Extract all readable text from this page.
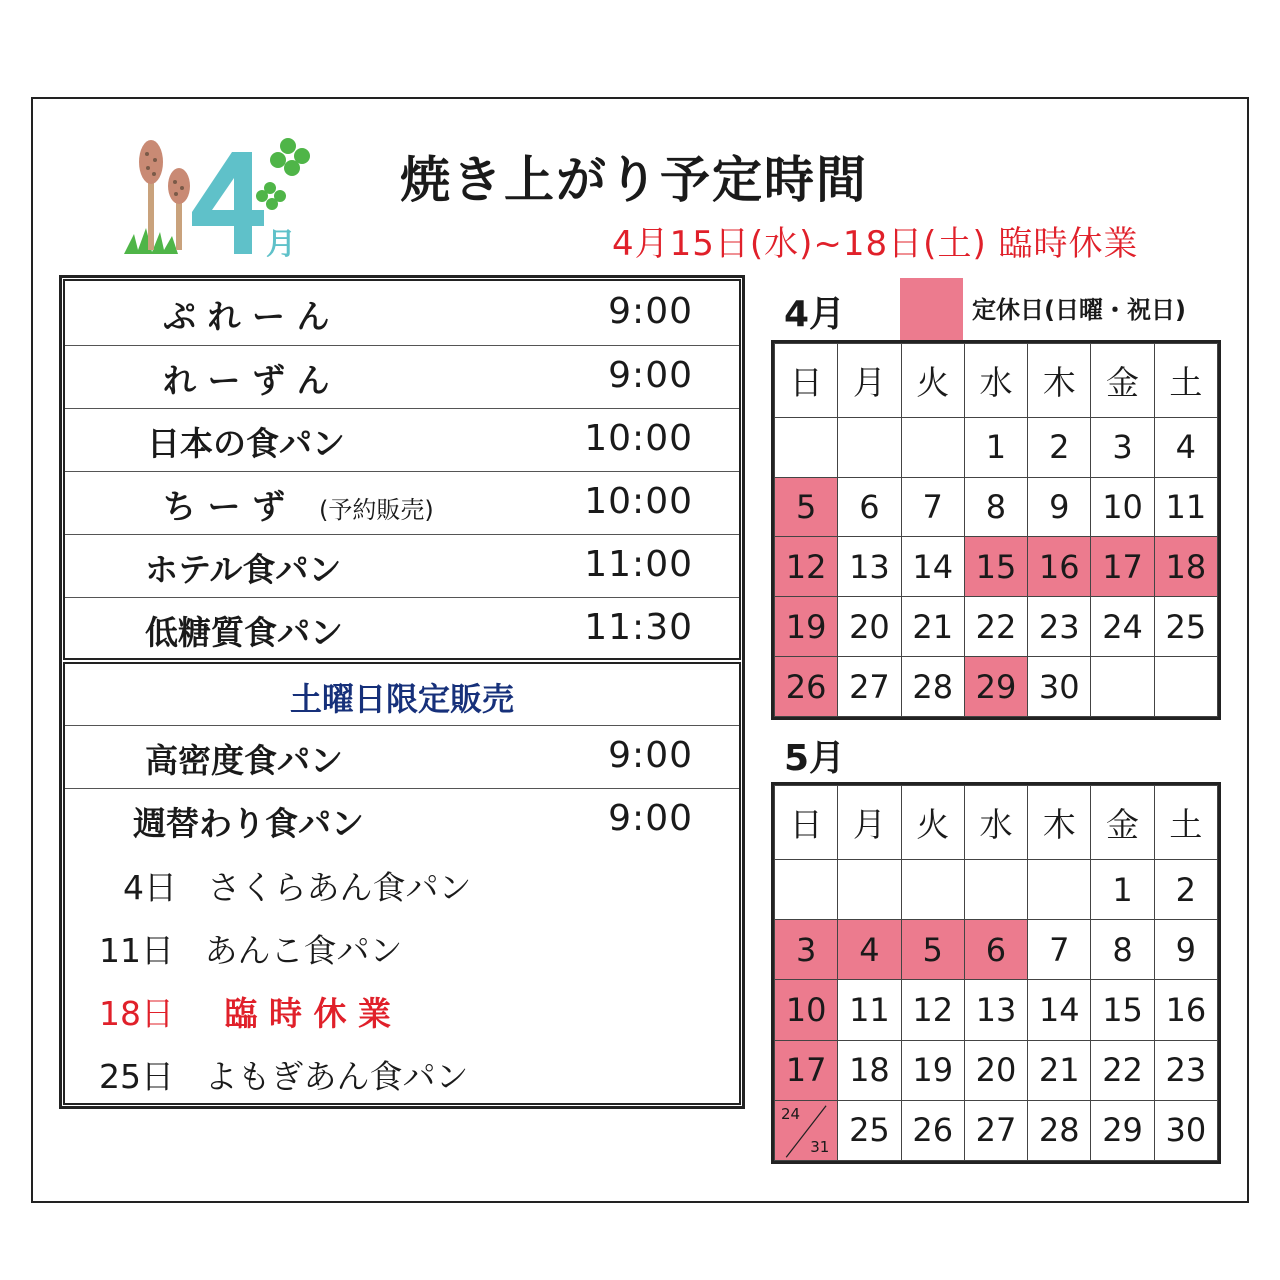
月
焼き上がり予定時間
4月15日(水)~18日(土) 臨時休業
ぷ れ ー ん	9:00
れ ー ず ん	9:00
日本の食パン	10:00
ち ー ず (予約販売)	10:00
ホテル食パン	11:00
低糖質食パン	11:30
土曜日限定販売
高密度食パン	9:00
週替わり食パン	9:00
4日 さくらあん食パン
11日 あんこ食パン
18日 臨 時 休 業
25日 よもぎあん食パン
4月	定休日(日曜・祝日)
日	月	火	水	木	金	土
			1	2	3	4
5	6	7	8	9	10	11
12	13	14	15	16	17	18
19	20	21	22	23	24	25
26	27	28	29	30		
5月
日	月	火	水	木	金	土
					1	2
3	4	5	6	7	8	9
10	11	12	13	14	15	16
17	18	19	20	21	22	23

24
31	25	26	27	28	29	30
